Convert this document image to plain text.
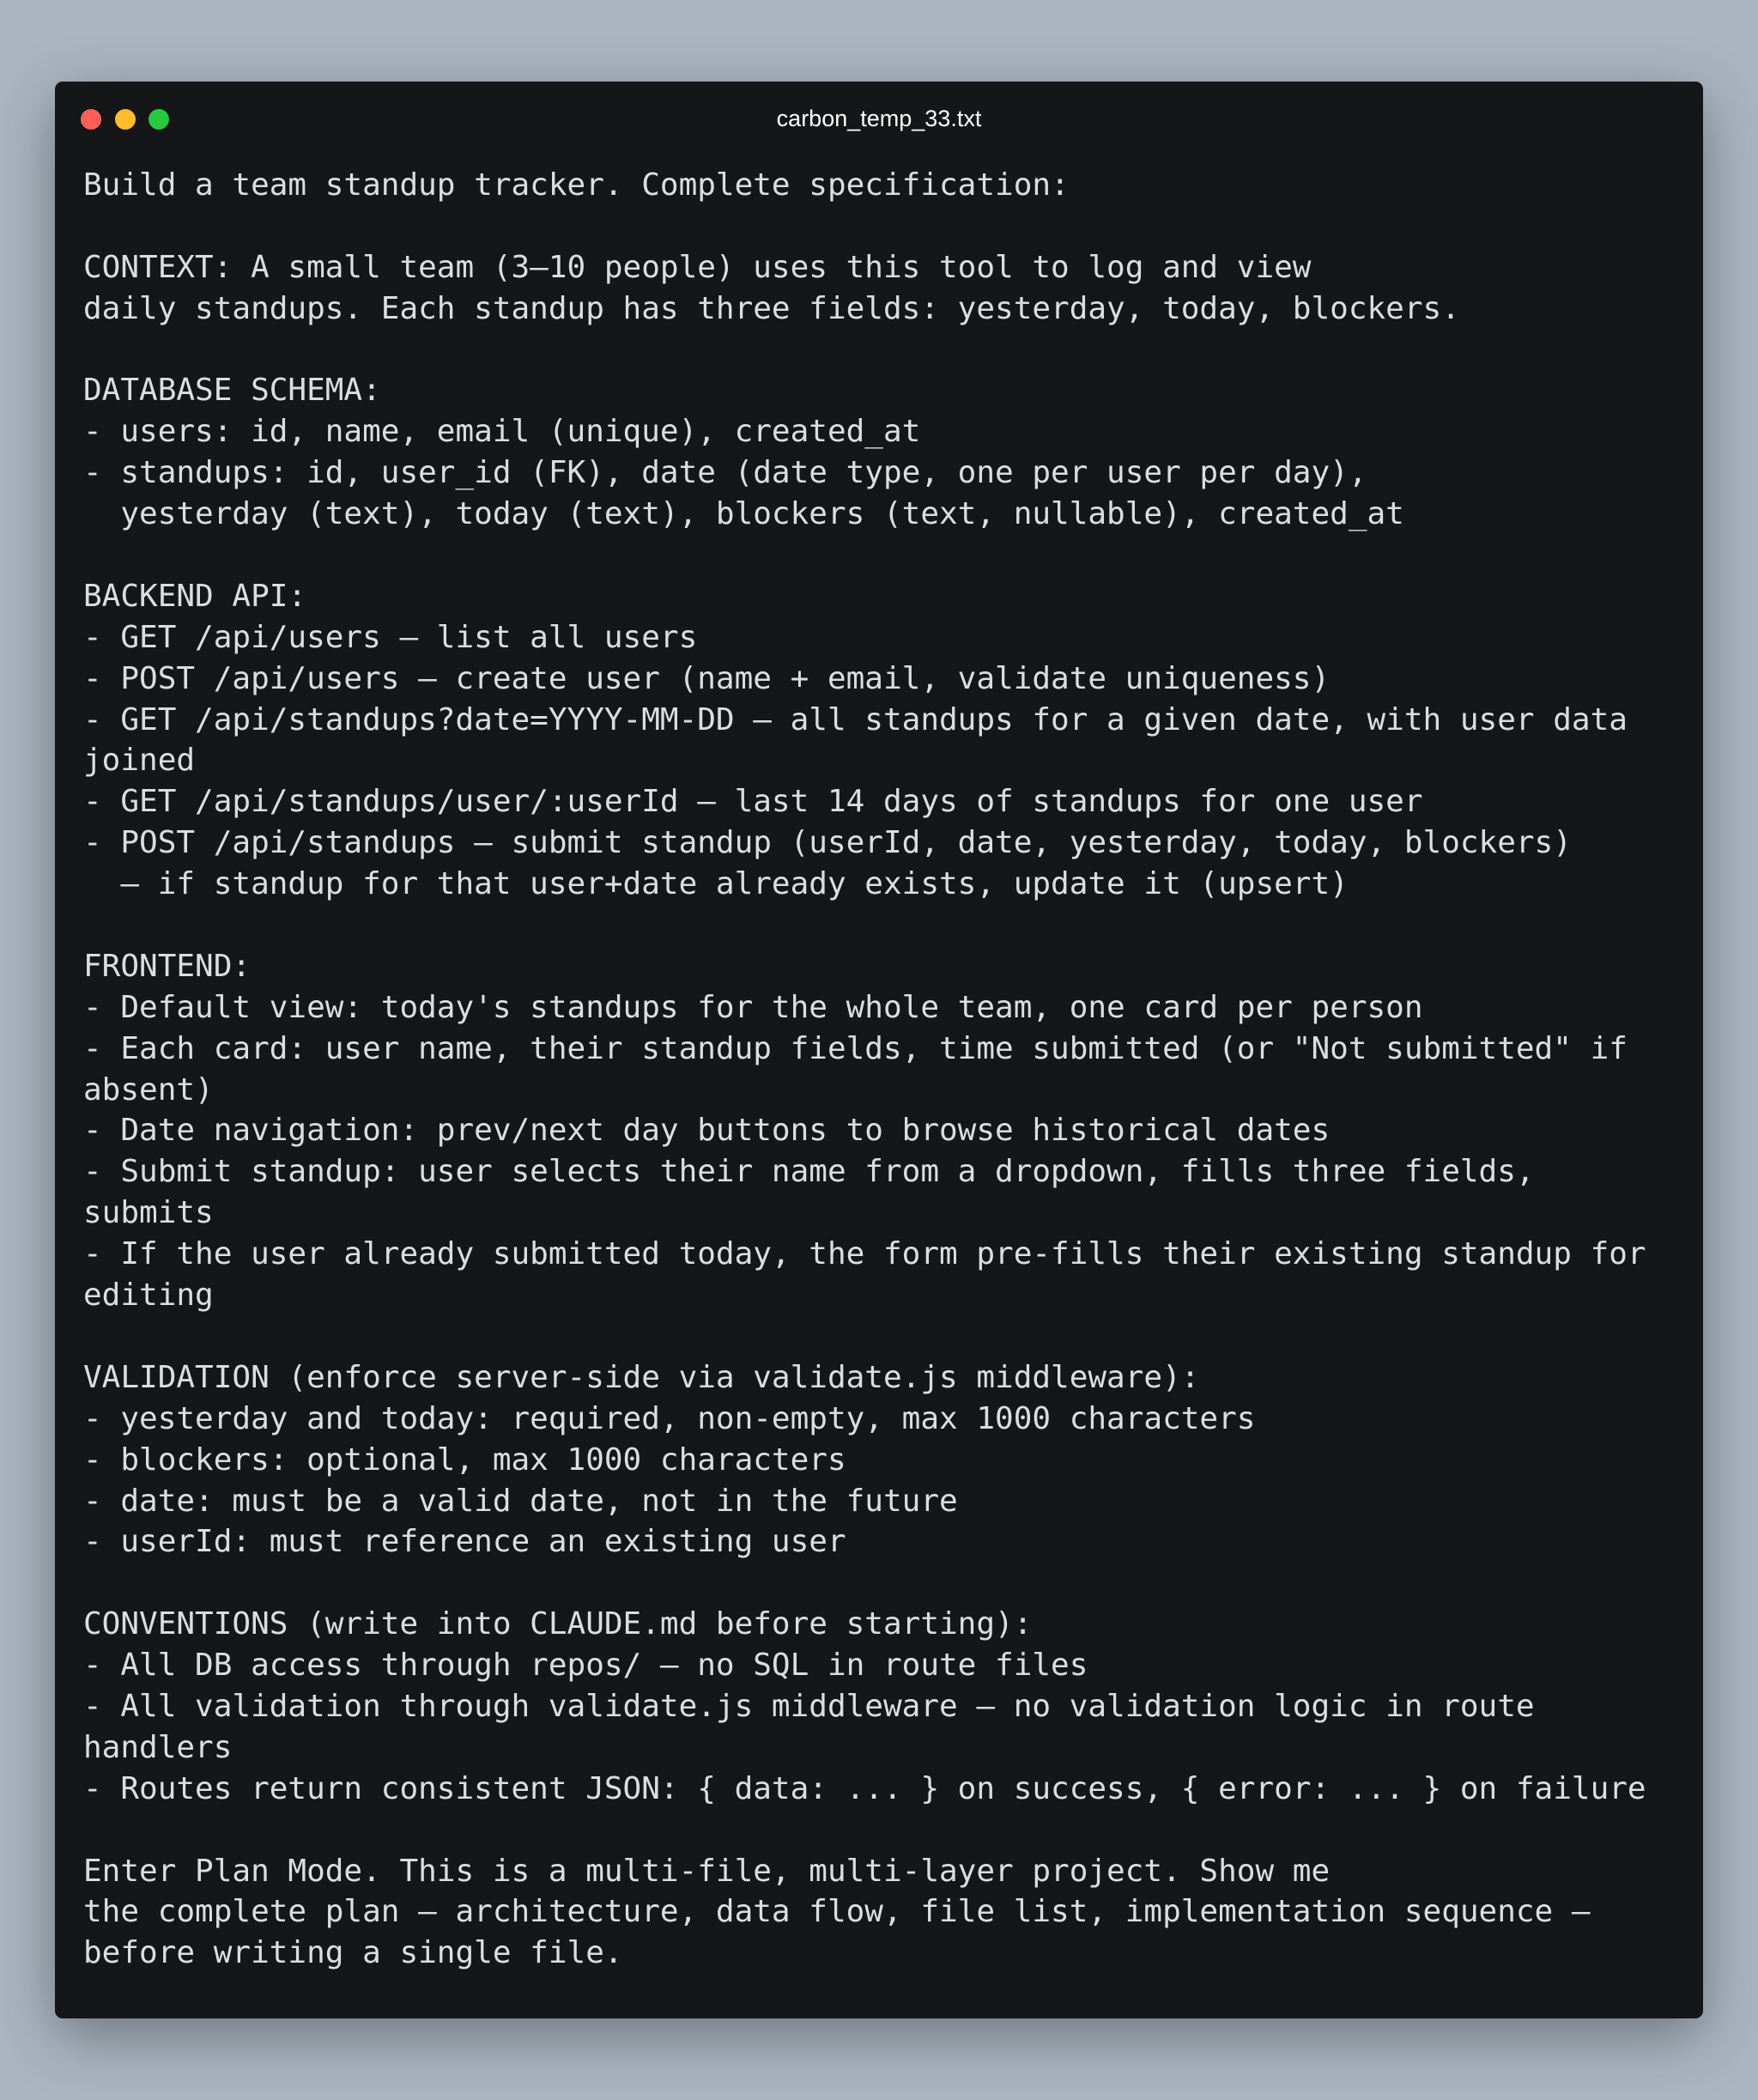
carbon_temp_33.txt
Build a team standup tracker. Complete specification:

CONTEXT: A small team (3–10 people) uses this tool to log and view
daily standups. Each standup has three fields: yesterday, today, blockers.

DATABASE SCHEMA:
- users: id, name, email (unique), created_at
- standups: id, user_id (FK), date (date type, one per user per day),
yesterday (text), today (text), blockers (text, nullable), created_at

BACKEND API:
- GET /api/users — list all users
- POST /api/users — create user (name + email, validate uniqueness)
- GET /api/standups?date=YYYY-MM-DD — all standups for a given date, with user data
joined
- GET /api/standups/user/:userId — last 14 days of standups for one user
- POST /api/standups — submit standup (userId, date, yesterday, today, blockers)
— if standup for that user+date already exists, update it (upsert)

FRONTEND:
- Default view: today's standups for the whole team, one card per person
- Each card: user name, their standup fields, time submitted (or "Not submitted" if
absent)
- Date navigation: prev/next day buttons to browse historical dates
- Submit standup: user selects their name from a dropdown, fills three fields,
submits
- If the user already submitted today, the form pre-fills their existing standup for
editing

VALIDATION (enforce server-side via validate.js middleware):
- yesterday and today: required, non-empty, max 1000 characters
- blockers: optional, max 1000 characters
- date: must be a valid date, not in the future
- userId: must reference an existing user

CONVENTIONS (write into CLAUDE.md before starting):
- All DB access through repos/ — no SQL in route files
- All validation through validate.js middleware — no validation logic in route
handlers
- Routes return consistent JSON: { data: ... } on success, { error: ... } on failure

Enter Plan Mode. This is a multi-file, multi-layer project. Show me
the complete plan — architecture, data flow, file list, implementation sequence —
before writing a single file.
